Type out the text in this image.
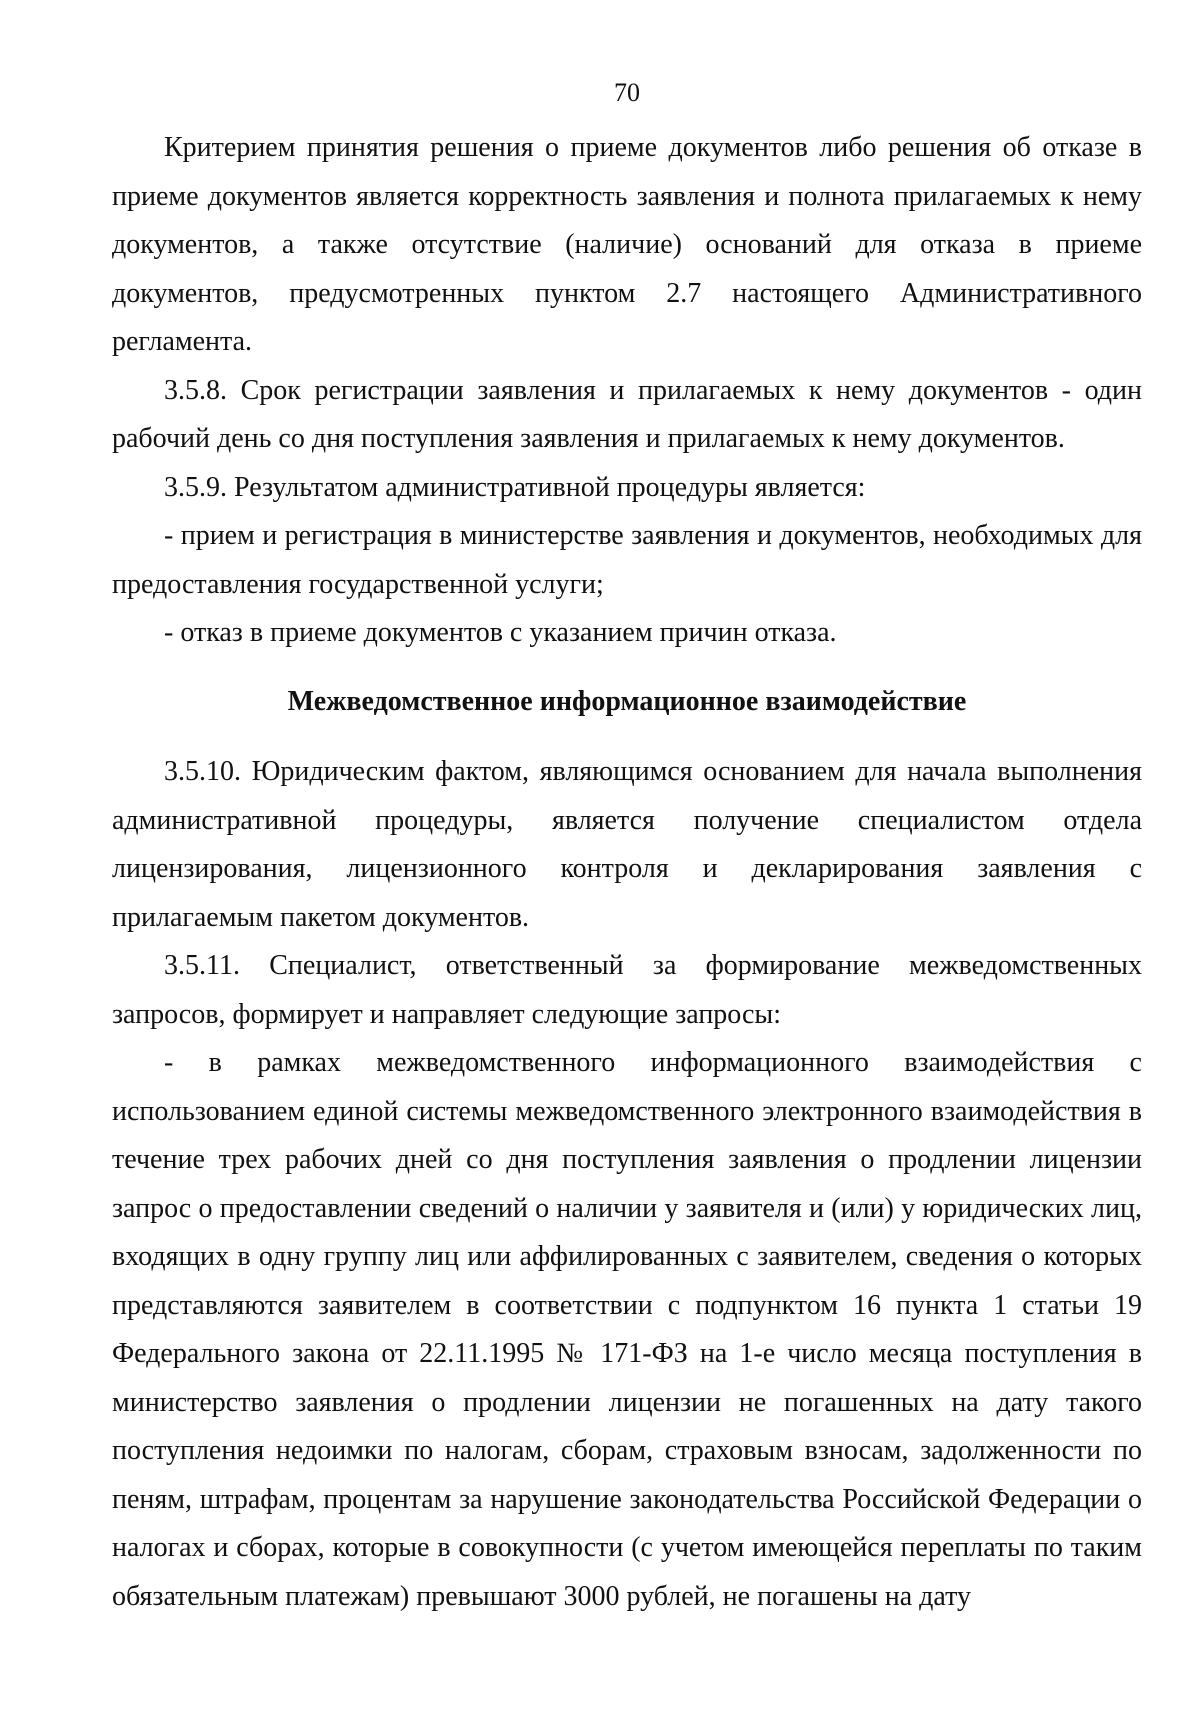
70

Критерием принятия решения о приеме документов либо решения об отказе в приеме документов является корректность заявления и полнота прилагаемых к нему документов, а также отсутствие (наличие) оснований для отказа в приеме документов, предусмотренных пунктом 2.7 настоящего Административного регламента.

3.5.8. Срок регистрации заявления и прилагаемых к нему документов - один рабочий день со дня поступления заявления и прилагаемых к нему документов.

3.5.9. Результатом административной процедуры является:

- прием и регистрация в министерстве заявления и документов, необходимых для предоставления государственной услуги;

- отказ в приеме документов с указанием причин отказа.

Межведомственное информационное взаимодействие

3.5.10. Юридическим фактом, являющимся основанием для начала выполнения административной процедуры, является получение специалистом отдела лицензирования, лицензионного контроля и декларирования заявления с прилагаемым пакетом документов.

3.5.11. Специалист, ответственный за формирование межведомственных запросов, формирует и направляет следующие запросы:

- в рамках межведомственного информационного взаимодействия с использованием единой системы межведомственного электронного взаимодействия в течение трех рабочих дней со дня поступления заявления о продлении лицензии запрос о предоставлении сведений о наличии у заявителя и (или) у юридических лиц, входящих в одну группу лиц или аффилированных с заявителем, сведения о которых представляются заявителем в соответствии с подпунктом 16 пункта 1 статьи 19 Федерального закона от 22.11.1995 № 171-ФЗ на 1-е число месяца поступления в министерство заявления о продлении лицензии не погашенных на дату такого поступления недоимки по налогам, сборам, страховым взносам, задолженности по пеням, штрафам, процентам за нарушение законодательства Российской Федерации о налогах и сборах, которые в совокупности (с учетом имеющейся переплаты по таким обязательным платежам) превышают 3000 рублей, не погашены на дату
